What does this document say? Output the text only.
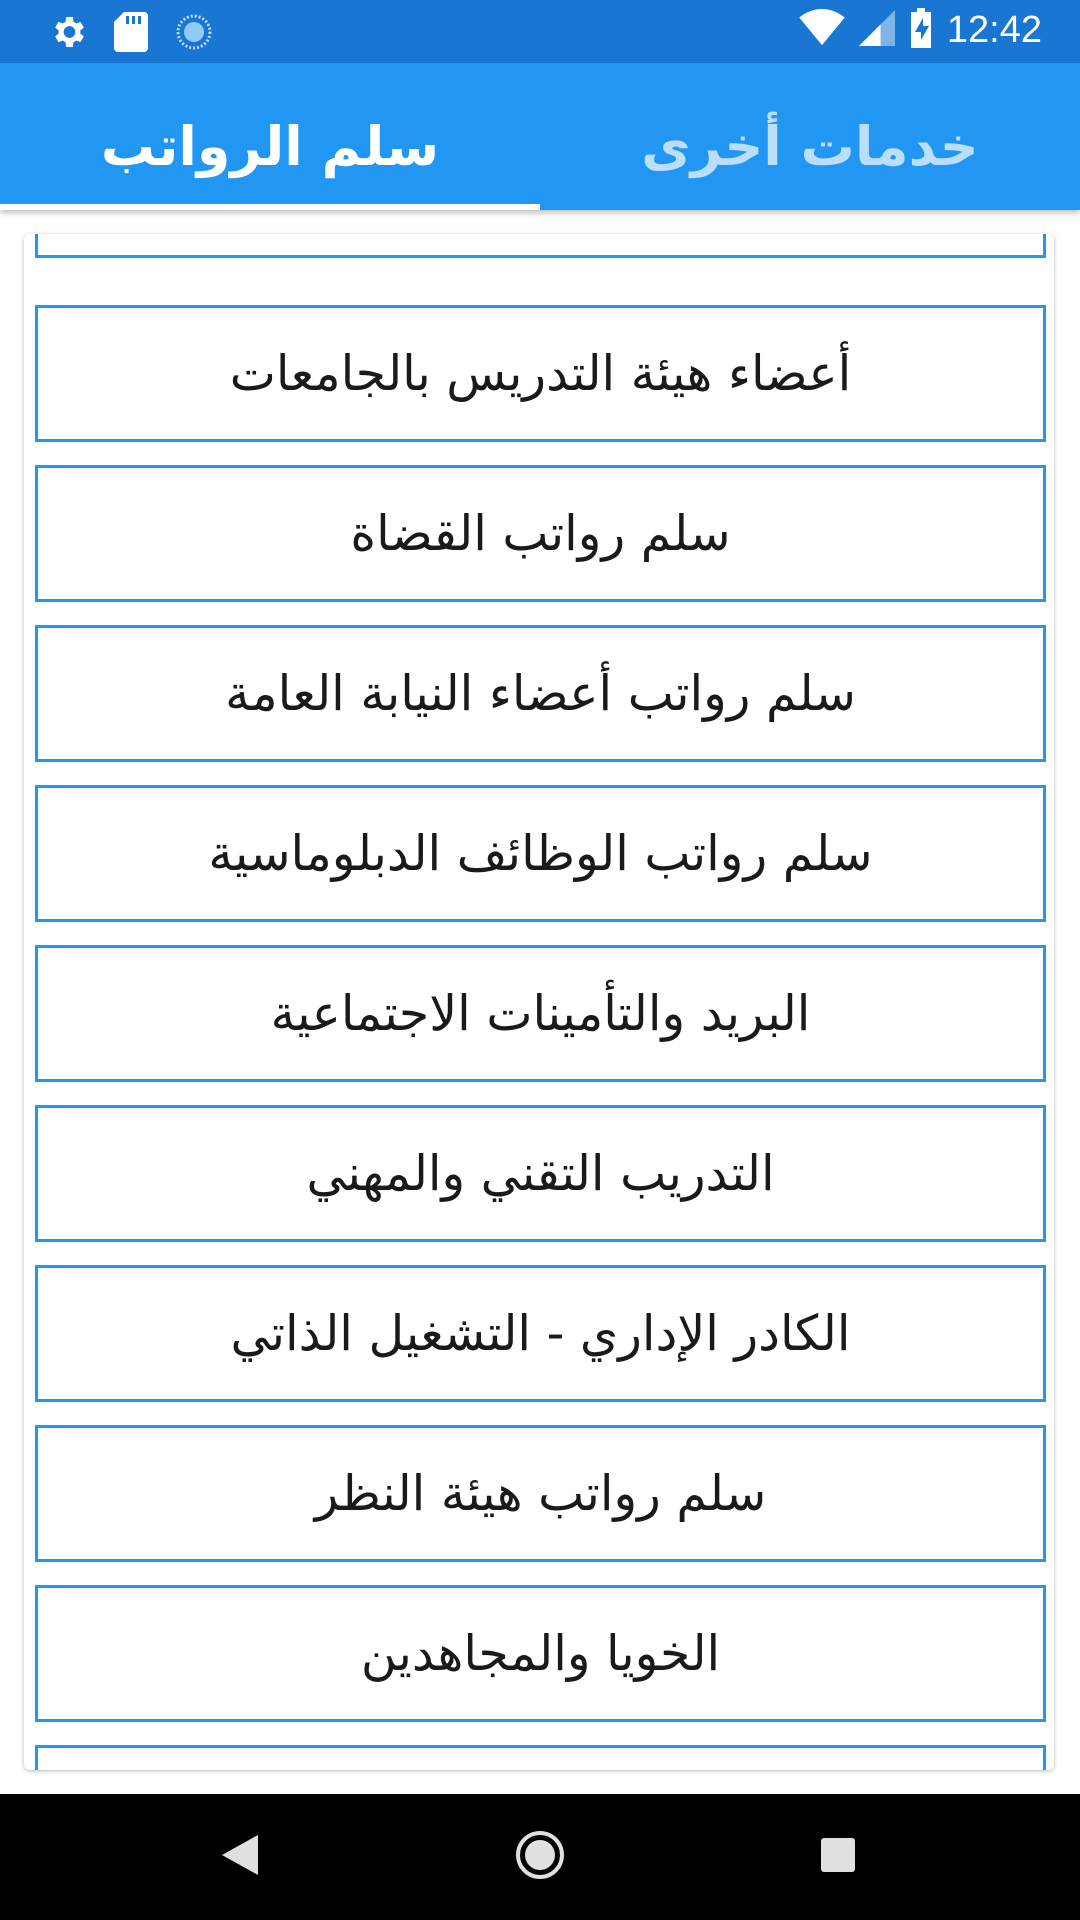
12:42
سلم الرواتب	خدمات أخرى
أعضاء هيئة التدريس بالجامعات
سلم رواتب القضاة
سلم رواتب أعضاء النيابة العامة
سلم رواتب الوظائف الدبلوماسية
البريد والتأمينات الاجتماعية
التدريب التقني والمهني
الكادر الإداري - التشغيل الذاتي
سلم رواتب هيئة النظر
الخويا والمجاهدين
